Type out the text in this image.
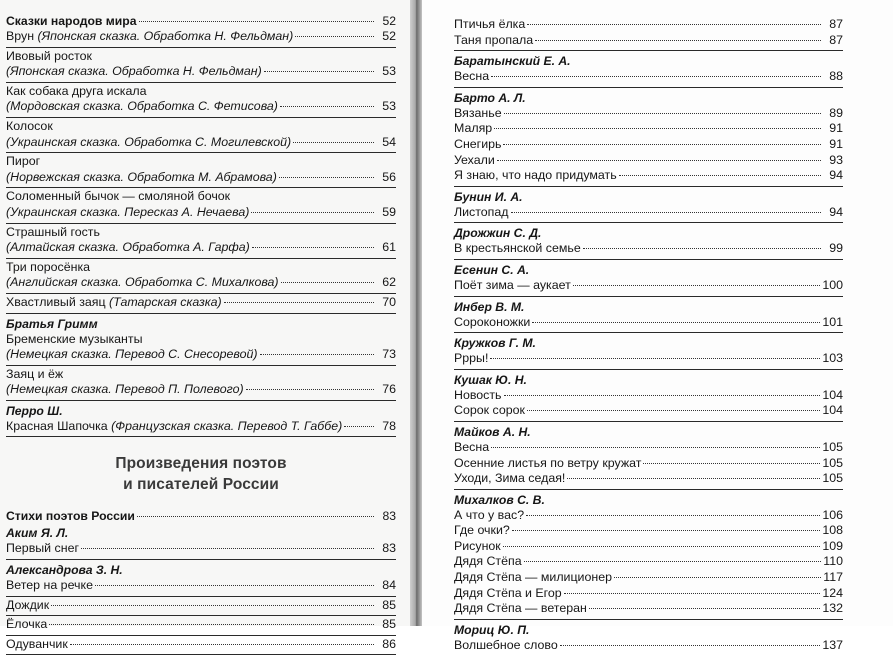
Сказки народов мира	52
Врун (Японская сказка. Обработка Н. Фельдман)	52
Ивовый росток
(Японская сказка. Обработка Н. Фельдман)	53
Как собака друга искала
(Мордовская сказка. Обработка С. Фетисова)	53
Колосок
(Украинская сказка. Обработка С. Могилевской)	54
Пирог
(Норвежская сказка. Обработка М. Абрамова)	56
Соломенный бычок — смоляной бочок
(Украинская сказка. Пересказ А. Нечаева)	59
Страшный гость
(Алтайская сказка. Обработка А. Гарфа)	61
Три поросёнка
(Английская сказка. Обработка С. Михалкова)	62
Хвастливый заяц (Татарская сказка)	70
Братья Гримм
Бременские музыканты
(Немецкая сказка. Перевод С. Снесоревой)	73
Заяц и ёж
(Немецкая сказка. Перевод П. Полевого)	76
Перро Ш.
Красная Шапочка (Французская сказка. Перевод Т. Габбе)	78
Произведения поэтов
и писателей России
Стихи поэтов России	83
Аким Я. Л.
Первый снег	83
Александрова З. Н.
Ветер на речке	84
Дождик	85
Ёлочка	85
Одуванчик	86
Птичья ёлка	87
Таня пропала	87
Баратынский Е. А.
Весна	88
Барто А. Л.
Вязанье	89
Маляр	91
Снегирь	91
Уехали	93
Я знаю, что надо придумать	94
Бунин И. А.
Листопад	94
Дрожжин С. Д.
В крестьянской семье	99
Есенин С. А.
Поёт зима — аукает	100
Инбер В. М.
Сороконожки	101
Кружков Г. М.
Ррры!	103
Кушак Ю. Н.
Новость	104
Сорок сорок	104
Майков А. Н.
Весна	105
Осенние листья по ветру кружат	105
Уходи, Зима седая!	105
Михалков С. В.
А что у вас?	106
Где очки?	108
Рисунок	109
Дядя Стёпа	110
Дядя Стёпа — милиционер	117
Дядя Стёпа и Егор	124
Дядя Стёпа — ветеран	132
Мориц Ю. П.
Волшебное слово	137
